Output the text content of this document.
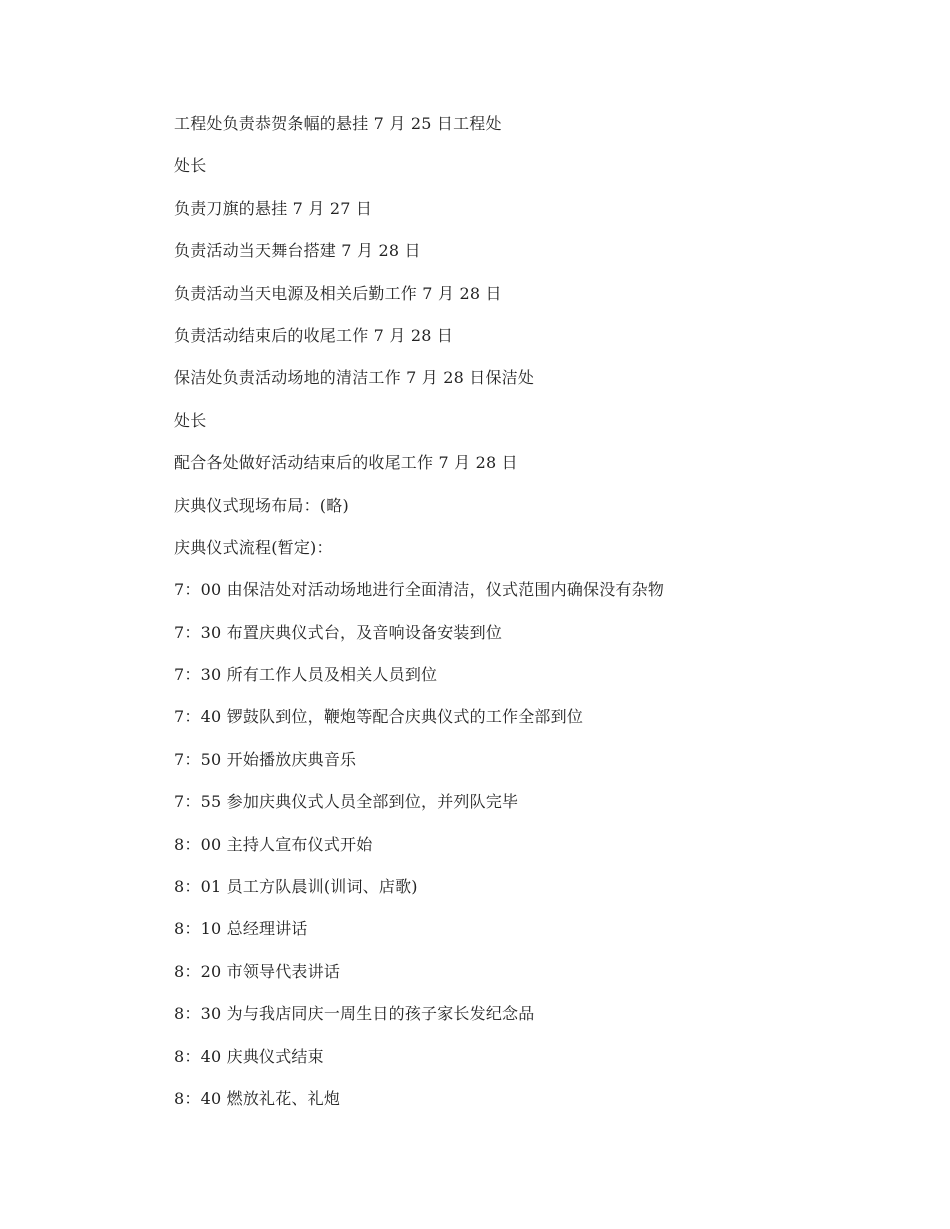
工程处负责恭贺条幅的悬挂 7 月 25 日工程处
处长
负责刀旗的悬挂 7 月 27 日
负责活动当天舞台搭建 7 月 28 日
负责活动当天电源及相关后勤工作 7 月 28 日
负责活动结束后的收尾工作 7 月 28 日
保洁处负责活动场地的清洁工作 7 月 28 日保洁处
处长
配合各处做好活动结束后的收尾工作 7 月 28 日
庆典仪式现场布局：(略)
庆典仪式流程(暂定)：
7：00 由保洁处对活动场地进行全面清洁，仪式范围内确保没有杂物
7：30 布置庆典仪式台，及音响设备安装到位
7：30 所有工作人员及相关人员到位
7：40 锣鼓队到位，鞭炮等配合庆典仪式的工作全部到位
7：50 开始播放庆典音乐
7：55 参加庆典仪式人员全部到位，并列队完毕
8：00 主持人宣布仪式开始
8：01 员工方队晨训(训词、店歌)
8：10 总经理讲话
8：20 市领导代表讲话
8：30 为与我店同庆一周生日的孩子家长发纪念品
8：40 庆典仪式结束
8：40 燃放礼花、礼炮
